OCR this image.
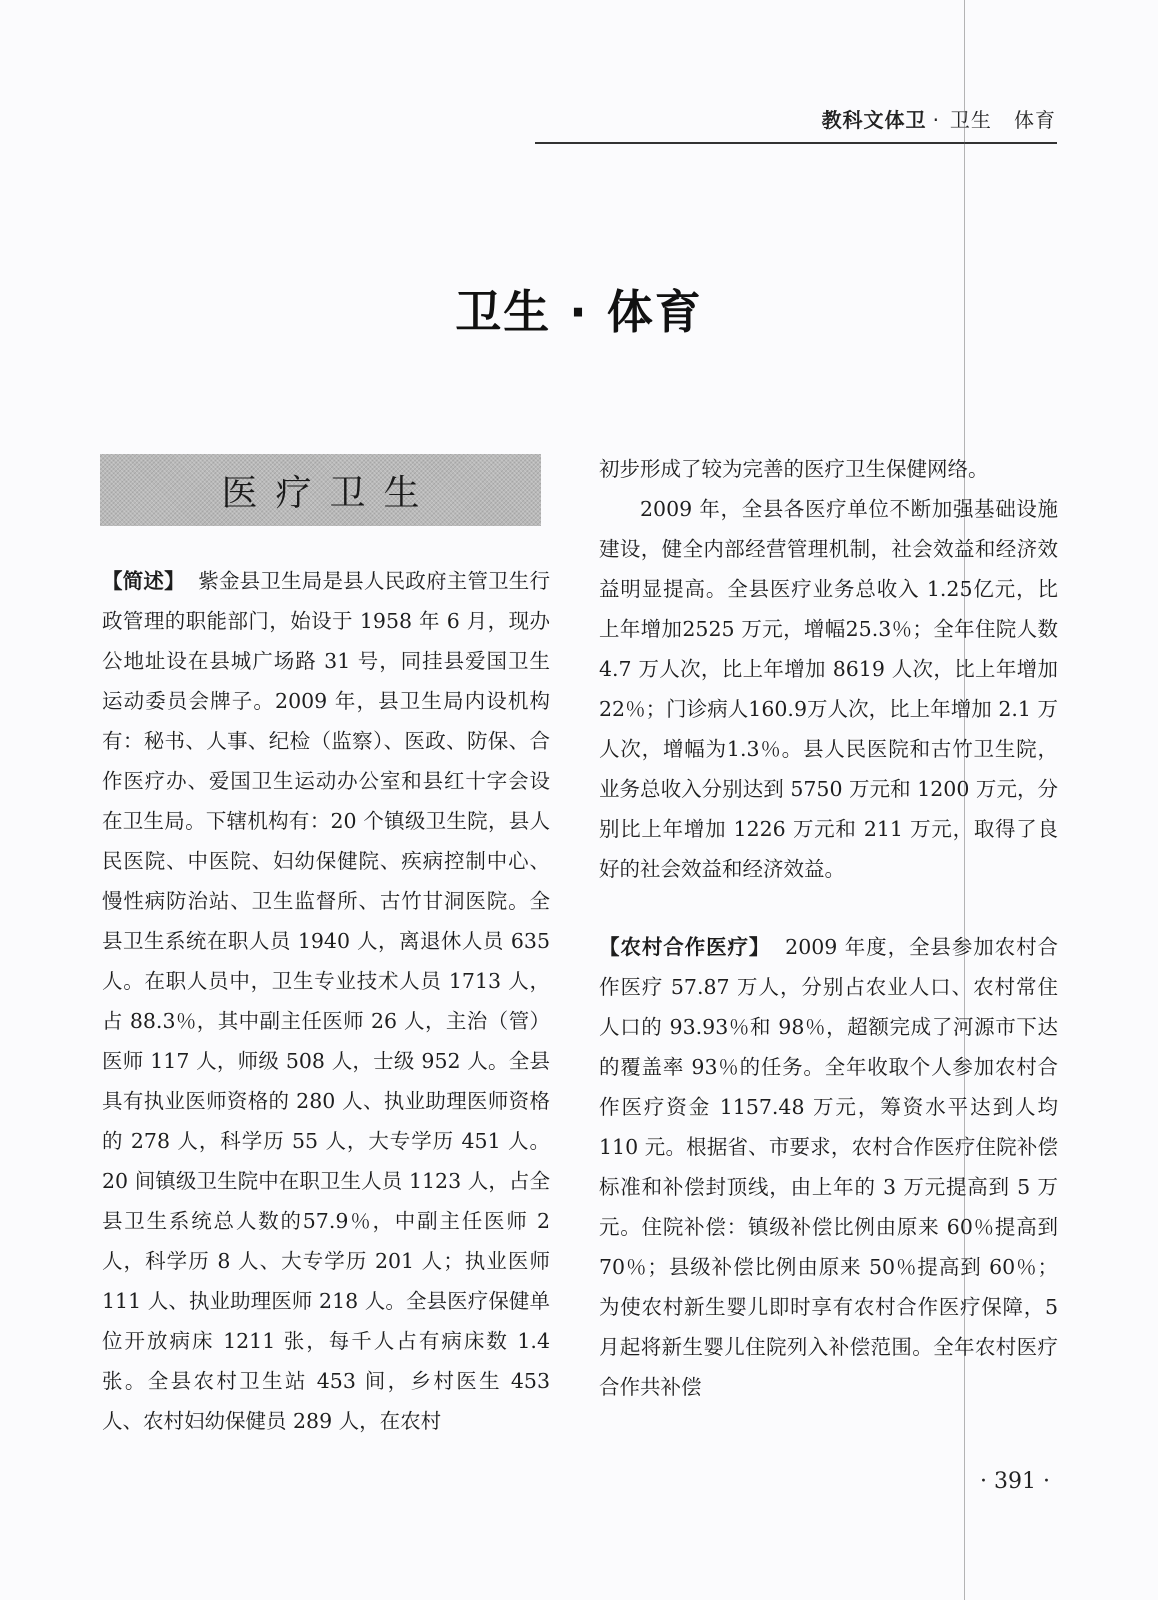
教科文体卫 · 卫生 体育
卫生 · 体育
医疗卫生

【简述】 紫金县卫生局是县人民政府主管卫生行政管理的职能部门，始设于 1958 年 6 月，现办公地址设在县城广场路 31 号，同挂县爱国卫生运动委员会牌子。2009 年，县卫生局内设机构有：秘书、人事、纪检（监察）、医政、防保、合作医疗办、爱国卫生运动办公室和县红十字会设在卫生局。下辖机构有：20 个镇级卫生院，县人民医院、中医院、妇幼保健院、疾病控制中心、慢性病防治站、卫生监督所、古竹甘洞医院。全县卫生系统在职人员 1940 人，离退休人员 635 人。在职人员中，卫生专业技术人员 1713 人，占 88.3％，其中副主任医师 26 人，主治（管）医师 117 人，师级 508 人，士级 952 人。全县具有执业医师资格的 280 人、执业助理医师资格的 278 人，科学历 55 人，大专学历 451 人。20 间镇级卫生院中在职卫生人员 1123 人，占全县卫生系统总人数的57.9％，中副主任医师 2 人，科学历 8 人、大专学历 201 人；执业医师 111 人、执业助理医师 218 人。全县医疗保健单位开放病床 1211 张，每千人占有病床数 1.4 张。全县农村卫生站 453 间，乡村医生 453 人、农村妇幼保健员 289 人，在农村

初步形成了较为完善的医疗卫生保健网络。

2009 年，全县各医疗单位不断加强基础设施建设，健全内部经营管理机制，社会效益和经济效益明显提高。全县医疗业务总收入 1.25亿元，比上年增加2525 万元，增幅25.3％；全年住院人数4.7 万人次，比上年增加 8619 人次，比上年增加22％；门诊病人160.9万人次，比上年增加 2.1 万人次，增幅为1.3％。县人民医院和古竹卫生院，业务总收入分别达到 5750 万元和 1200 万元，分别比上年增加 1226 万元和 211 万元，取得了良好的社会效益和经济效益。

【农村合作医疗】 2009 年度，全县参加农村合作医疗 57.87 万人，分别占农业人口、农村常住人口的 93.93％和 98％，超额完成了河源市下达的覆盖率 93％的任务。全年收取个人参加农村合作医疗资金 1157.48 万元，筹资水平达到人均 110 元。根据省、市要求，农村合作医疗住院补偿标准和补偿封顶线，由上年的 3 万元提高到 5 万元。住院补偿：镇级补偿比例由原来 60％提高到 70％；县级补偿比例由原来 50％提高到 60％；为使农村新生婴儿即时享有农村合作医疗保障，5 月起将新生婴儿住院列入补偿范围。全年农村医疗合作共补偿

· 391 ·
